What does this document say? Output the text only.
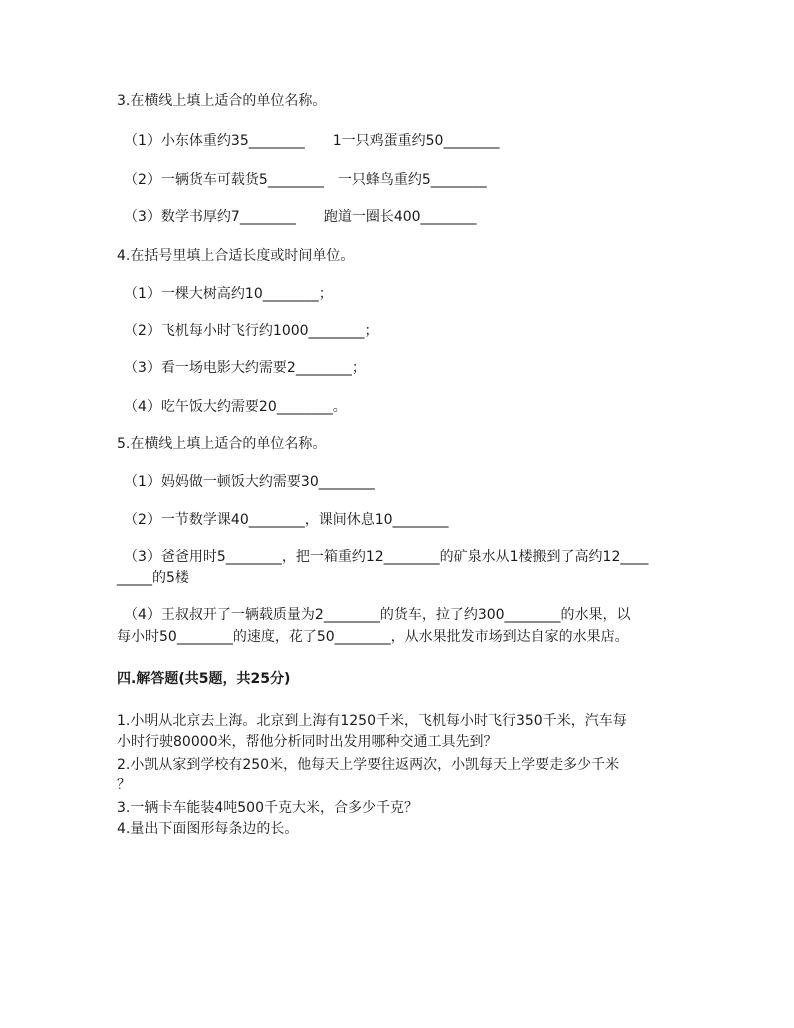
3.在横线上填上适合的单位名称。
（1）小东体重约35________　　1一只鸡蛋重约50________
（2）一辆货车可载货5________　一只蜂鸟重约5________
（3）数学书厚约7________　　跑道一圈长400________
4.在括号里填上合适长度或时间单位。
（1）一棵大树高约10________；
（2）飞机每小时飞行约1000________；
（3）看一场电影大约需要2________；
（4）吃午饭大约需要20________。
5.在横线上填上适合的单位名称。
（1）妈妈做一顿饭大约需要30________
（2）一节数学课40________，课间休息10________
（3）爸爸用时5________，把一箱重约12________的矿泉水从1楼搬到了高约12____
_____的5楼
（4）王叔叔开了一辆载质量为2________的货车，拉了约300________的水果，以
每小时50________的速度，花了50________，从水果批发市场到达自家的水果店。
四.解答题(共5题，共25分)
1.小明从北京去上海。北京到上海有1250千米，飞机每小时飞行350千米，汽车每
小时行驶80000米，帮他分析同时出发用哪种交通工具先到？
2.小凯从家到学校有250米，他每天上学要往返两次，小凯每天上学要走多少千米
？
3.一辆卡车能装4吨500千克大米，合多少千克？
4.量出下面图形每条边的长。
